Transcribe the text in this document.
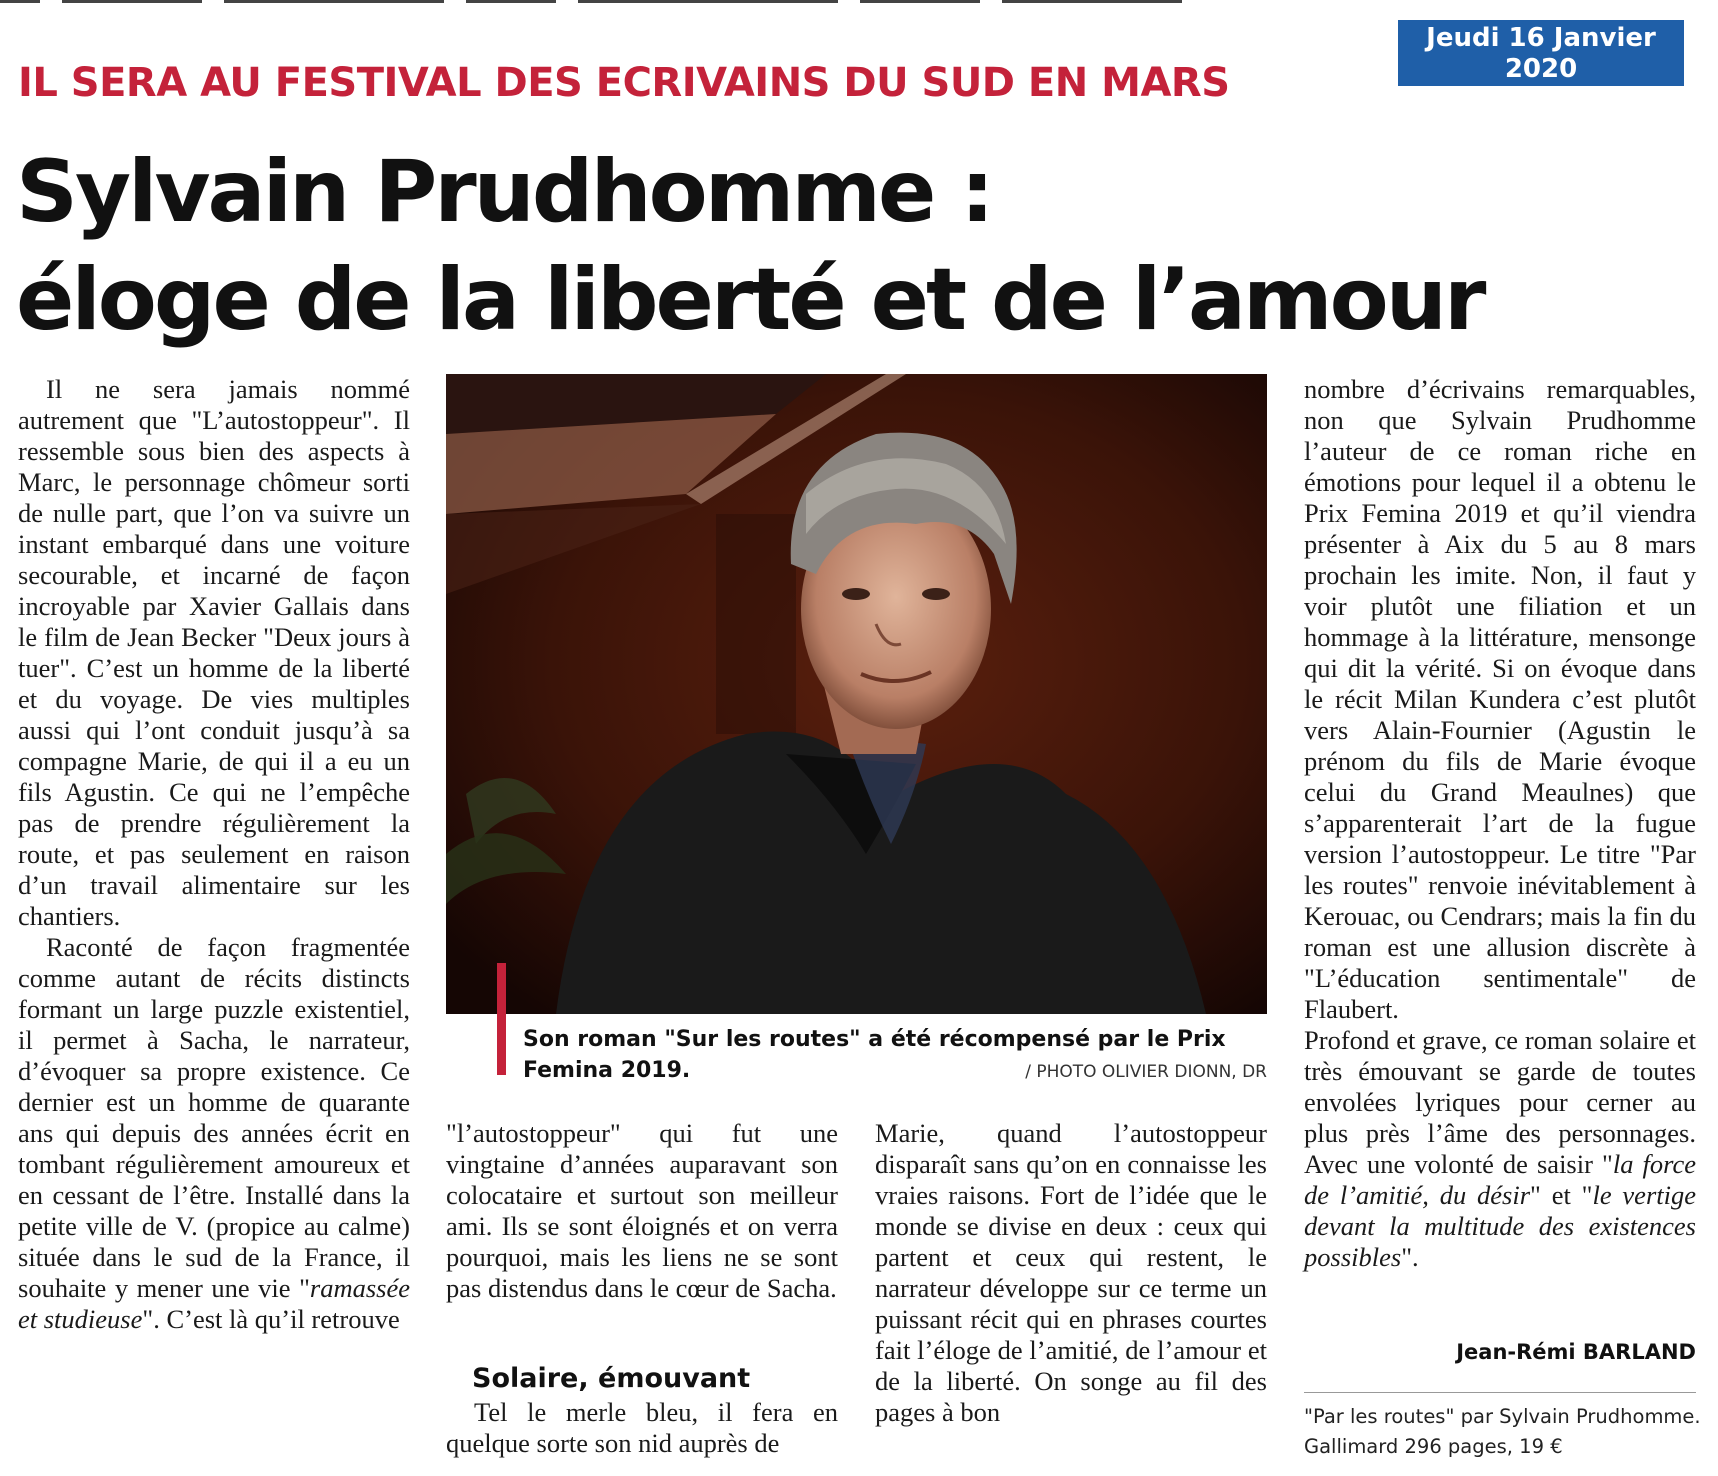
Jeudi 16 Janvier 2020
www.laprovence.com
IL SERA AU FESTIVAL DES ECRIVAINS DU SUD EN MARS
Sylvain Prudhomme :
éloge de la liberté et de l’amour

Il ne sera jamais nommé autrement que "L’autostoppeur". Il ressemble sous bien des aspects à Marc, le personnage chômeur sorti de nulle part, que l’on va suivre un instant embarqué dans une voiture secourable, et incarné de façon incroyable par Xavier Gallais dans le film de Jean Becker "Deux jours à tuer". C’est un homme de la liberté et du voyage. De vies multiples aussi qui l’ont conduit jusqu’à sa compagne Marie, de qui il a eu un fils Agustin. Ce qui ne l’empêche pas de prendre régulièrement la route, et pas seulement en raison d’un travail alimentaire sur les chantiers.

Raconté de façon fragmentée comme autant de récits distincts formant un large puzzle existentiel, il permet à Sacha, le narrateur, d’évoquer sa propre existence. Ce dernier est un homme de quarante ans qui depuis des années écrit en tombant régulièrement amoureux et en cessant de l’être. Installé dans la petite ville de V. (propice au calme) située dans le sud de la France, il souhaite y mener une vie "ramassée et studieuse". C’est là qu’il retrouve

Son roman "Sur les routes" a été récompensé par le Prix Femina 2019.	/ PHOTO OLIVIER DIONN, DR

"l’autostoppeur" qui fut une vingtaine d’années auparavant son colocataire et surtout son meilleur ami. Ils se sont éloignés et on verra pourquoi, mais les liens ne se sont pas distendus dans le cœur de Sacha.

Solaire, émouvant

Tel le merle bleu, il fera en quelque sorte son nid auprès de

Marie, quand l’autostoppeur disparaît sans qu’on en connaisse les vraies raisons. Fort de l’idée que le monde se divise en deux : ceux qui partent et ceux qui restent, le narrateur développe sur ce terme un puissant récit qui en phrases courtes fait l’éloge de l’amitié, de l’amour et de la liberté. On songe au fil des pages à bon

nombre d’écrivains remarquables, non que Sylvain Prudhomme l’auteur de ce roman riche en émotions pour lequel il a obtenu le Prix Femina 2019 et qu’il viendra présenter à Aix du 5 au 8 mars prochain les imite. Non, il faut y voir plutôt une filiation et un hommage à la littérature, mensonge qui dit la vérité. Si on évoque dans le récit Milan Kundera c’est plutôt vers Alain-Fournier (Agustin le prénom du fils de Marie évoque celui du Grand Meaulnes) que s’apparenterait l’art de la fugue version l’autostoppeur. Le titre "Par les routes" renvoie inévitablement à Kerouac, ou Cendrars; mais la fin du roman est une allusion discrète à "L’éducation sentimentale" de Flaubert.

Profond et grave, ce roman solaire et très émouvant se garde de toutes envolées lyriques pour cerner au plus près l’âme des personnages. Avec une volonté de saisir "la force de l’amitié, du désir" et "le vertige devant la multitude des existences possibles".

Jean-Rémi BARLAND
"Par les routes" par Sylvain Prudhomme.
Gallimard 296 pages, 19 €
